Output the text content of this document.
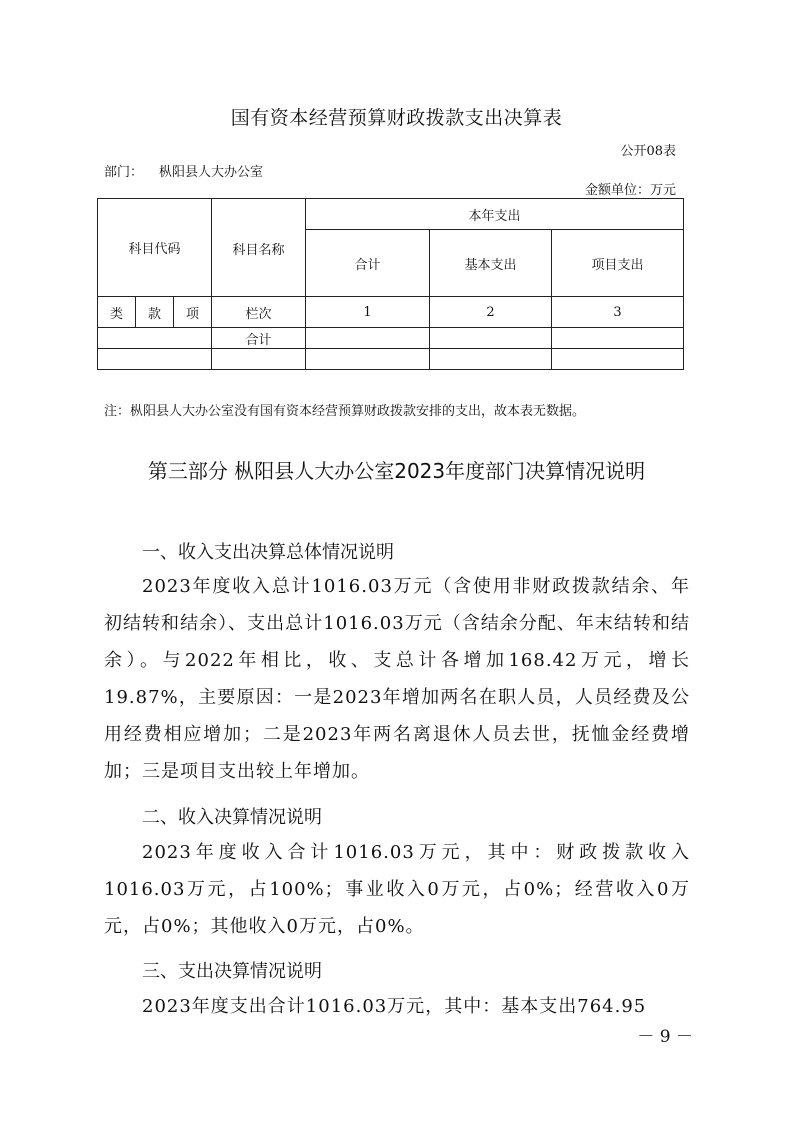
国有资本经营预算财政拨款支出决算表
公开08表
部门： 枞阳县人大办公室
金额单位：万元
科目代码			科目名称	本年支出		
				合计	基本支出	项目支出
类	款	项	栏次	1	2	3
			合计			

注：枞阳县人大办公室没有国有资本经营预算财政拨款安排的支出，故本表无数据。
第三部分 枞阳县人大办公室2023年度部门决算情况说明
一、收入支出决算总体情况说明
2023年度收入总计1016.03万元（含使用非财政拨款结余、年初结转和结余）、支出总计1016.03万元（含结余分配、年末结转和结余）。与2022年相比，收、支总计各增加168.42万元，增长19.87%，主要原因：一是2023年增加两名在职人员，人员经费及公用经费相应增加；二是2023年两名离退休人员去世，抚恤金经费增加；三是项目支出较上年增加。
二、收入决算情况说明
2023年度收入合计1016.03万元，其中：财政拨款收入1016.03万元，占100%；事业收入0万元，占0%；经营收入0万元，占0%；其他收入0万元，占0%。
三、支出决算情况说明
2023年度支出合计1016.03万元，其中：基本支出764.95
－ 9 －
